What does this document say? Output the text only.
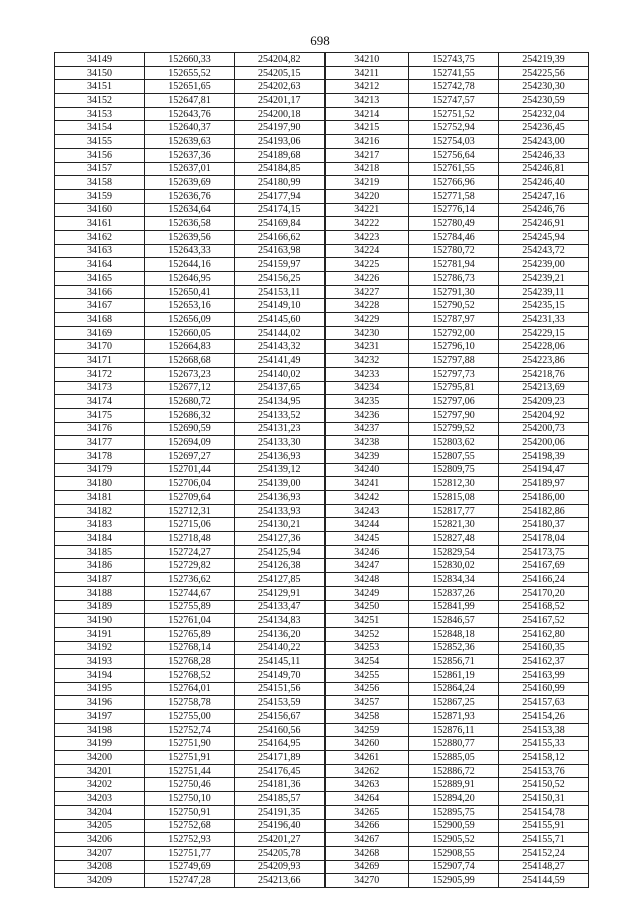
698
34149	152660,33	254204,82	34210	152743,75	254219,39
34150	152655,52	254205,15	34211	152741,55	254225,56
34151	152651,65	254202,63	34212	152742,78	254230,30
34152	152647,81	254201,17	34213	152747,57	254230,59
34153	152643,76	254200,18	34214	152751,52	254232,04
34154	152640,37	254197,90	34215	152752,94	254236,45
34155	152639,63	254193,06	34216	152754,03	254243,00
34156	152637,36	254189,68	34217	152756,64	254246,33
34157	152637,01	254184,85	34218	152761,55	254246,81
34158	152639,69	254180,99	34219	152766,96	254246,40
34159	152636,76	254177,94	34220	152771,58	254247,16
34160	152634,64	254174,15	34221	152776,14	254246,76
34161	152636,58	254169,84	34222	152780,49	254246,91
34162	152639,56	254166,62	34223	152784,46	254245,94
34163	152643,33	254163,98	34224	152780,72	254243,72
34164	152644,16	254159,97	34225	152781,94	254239,00
34165	152646,95	254156,25	34226	152786,73	254239,21
34166	152650,41	254153,11	34227	152791,30	254239,11
34167	152653,16	254149,10	34228	152790,52	254235,15
34168	152656,09	254145,60	34229	152787,97	254231,33
34169	152660,05	254144,02	34230	152792,00	254229,15
34170	152664,83	254143,32	34231	152796,10	254228,06
34171	152668,68	254141,49	34232	152797,88	254223,86
34172	152673,23	254140,02	34233	152797,73	254218,76
34173	152677,12	254137,65	34234	152795,81	254213,69
34174	152680,72	254134,95	34235	152797,06	254209,23
34175	152686,32	254133,52	34236	152797,90	254204,92
34176	152690,59	254131,23	34237	152799,52	254200,73
34177	152694,09	254133,30	34238	152803,62	254200,06
34178	152697,27	254136,93	34239	152807,55	254198,39
34179	152701,44	254139,12	34240	152809,75	254194,47
34180	152706,04	254139,00	34241	152812,30	254189,97
34181	152709,64	254136,93	34242	152815,08	254186,00
34182	152712,31	254133,93	34243	152817,77	254182,86
34183	152715,06	254130,21	34244	152821,30	254180,37
34184	152718,48	254127,36	34245	152827,48	254178,04
34185	152724,27	254125,94	34246	152829,54	254173,75
34186	152729,82	254126,38	34247	152830,02	254167,69
34187	152736,62	254127,85	34248	152834,34	254166,24
34188	152744,67	254129,91	34249	152837,26	254170,20
34189	152755,89	254133,47	34250	152841,99	254168,52
34190	152761,04	254134,83	34251	152846,57	254167,52
34191	152765,89	254136,20	34252	152848,18	254162,80
34192	152768,14	254140,22	34253	152852,36	254160,35
34193	152768,28	254145,11	34254	152856,71	254162,37
34194	152768,52	254149,70	34255	152861,19	254163,99
34195	152764,01	254151,56	34256	152864,24	254160,99
34196	152758,78	254153,59	34257	152867,25	254157,63
34197	152755,00	254156,67	34258	152871,93	254154,26
34198	152752,74	254160,56	34259	152876,11	254153,38
34199	152751,90	254164,95	34260	152880,77	254155,33
34200	152751,91	254171,89	34261	152885,05	254158,12
34201	152751,44	254176,45	34262	152886,72	254153,76
34202	152750,46	254181,36	34263	152889,91	254150,52
34203	152750,10	254185,57	34264	152894,20	254150,31
34204	152750,91	254191,35	34265	152895,75	254154,78
34205	152752,68	254196,40	34266	152900,59	254155,91
34206	152752,93	254201,27	34267	152905,52	254155,71
34207	152751,77	254205,78	34268	152908,55	254152,24
34208	152749,69	254209,93	34269	152907,74	254148,27
34209	152747,28	254213,66	34270	152905,99	254144,59
